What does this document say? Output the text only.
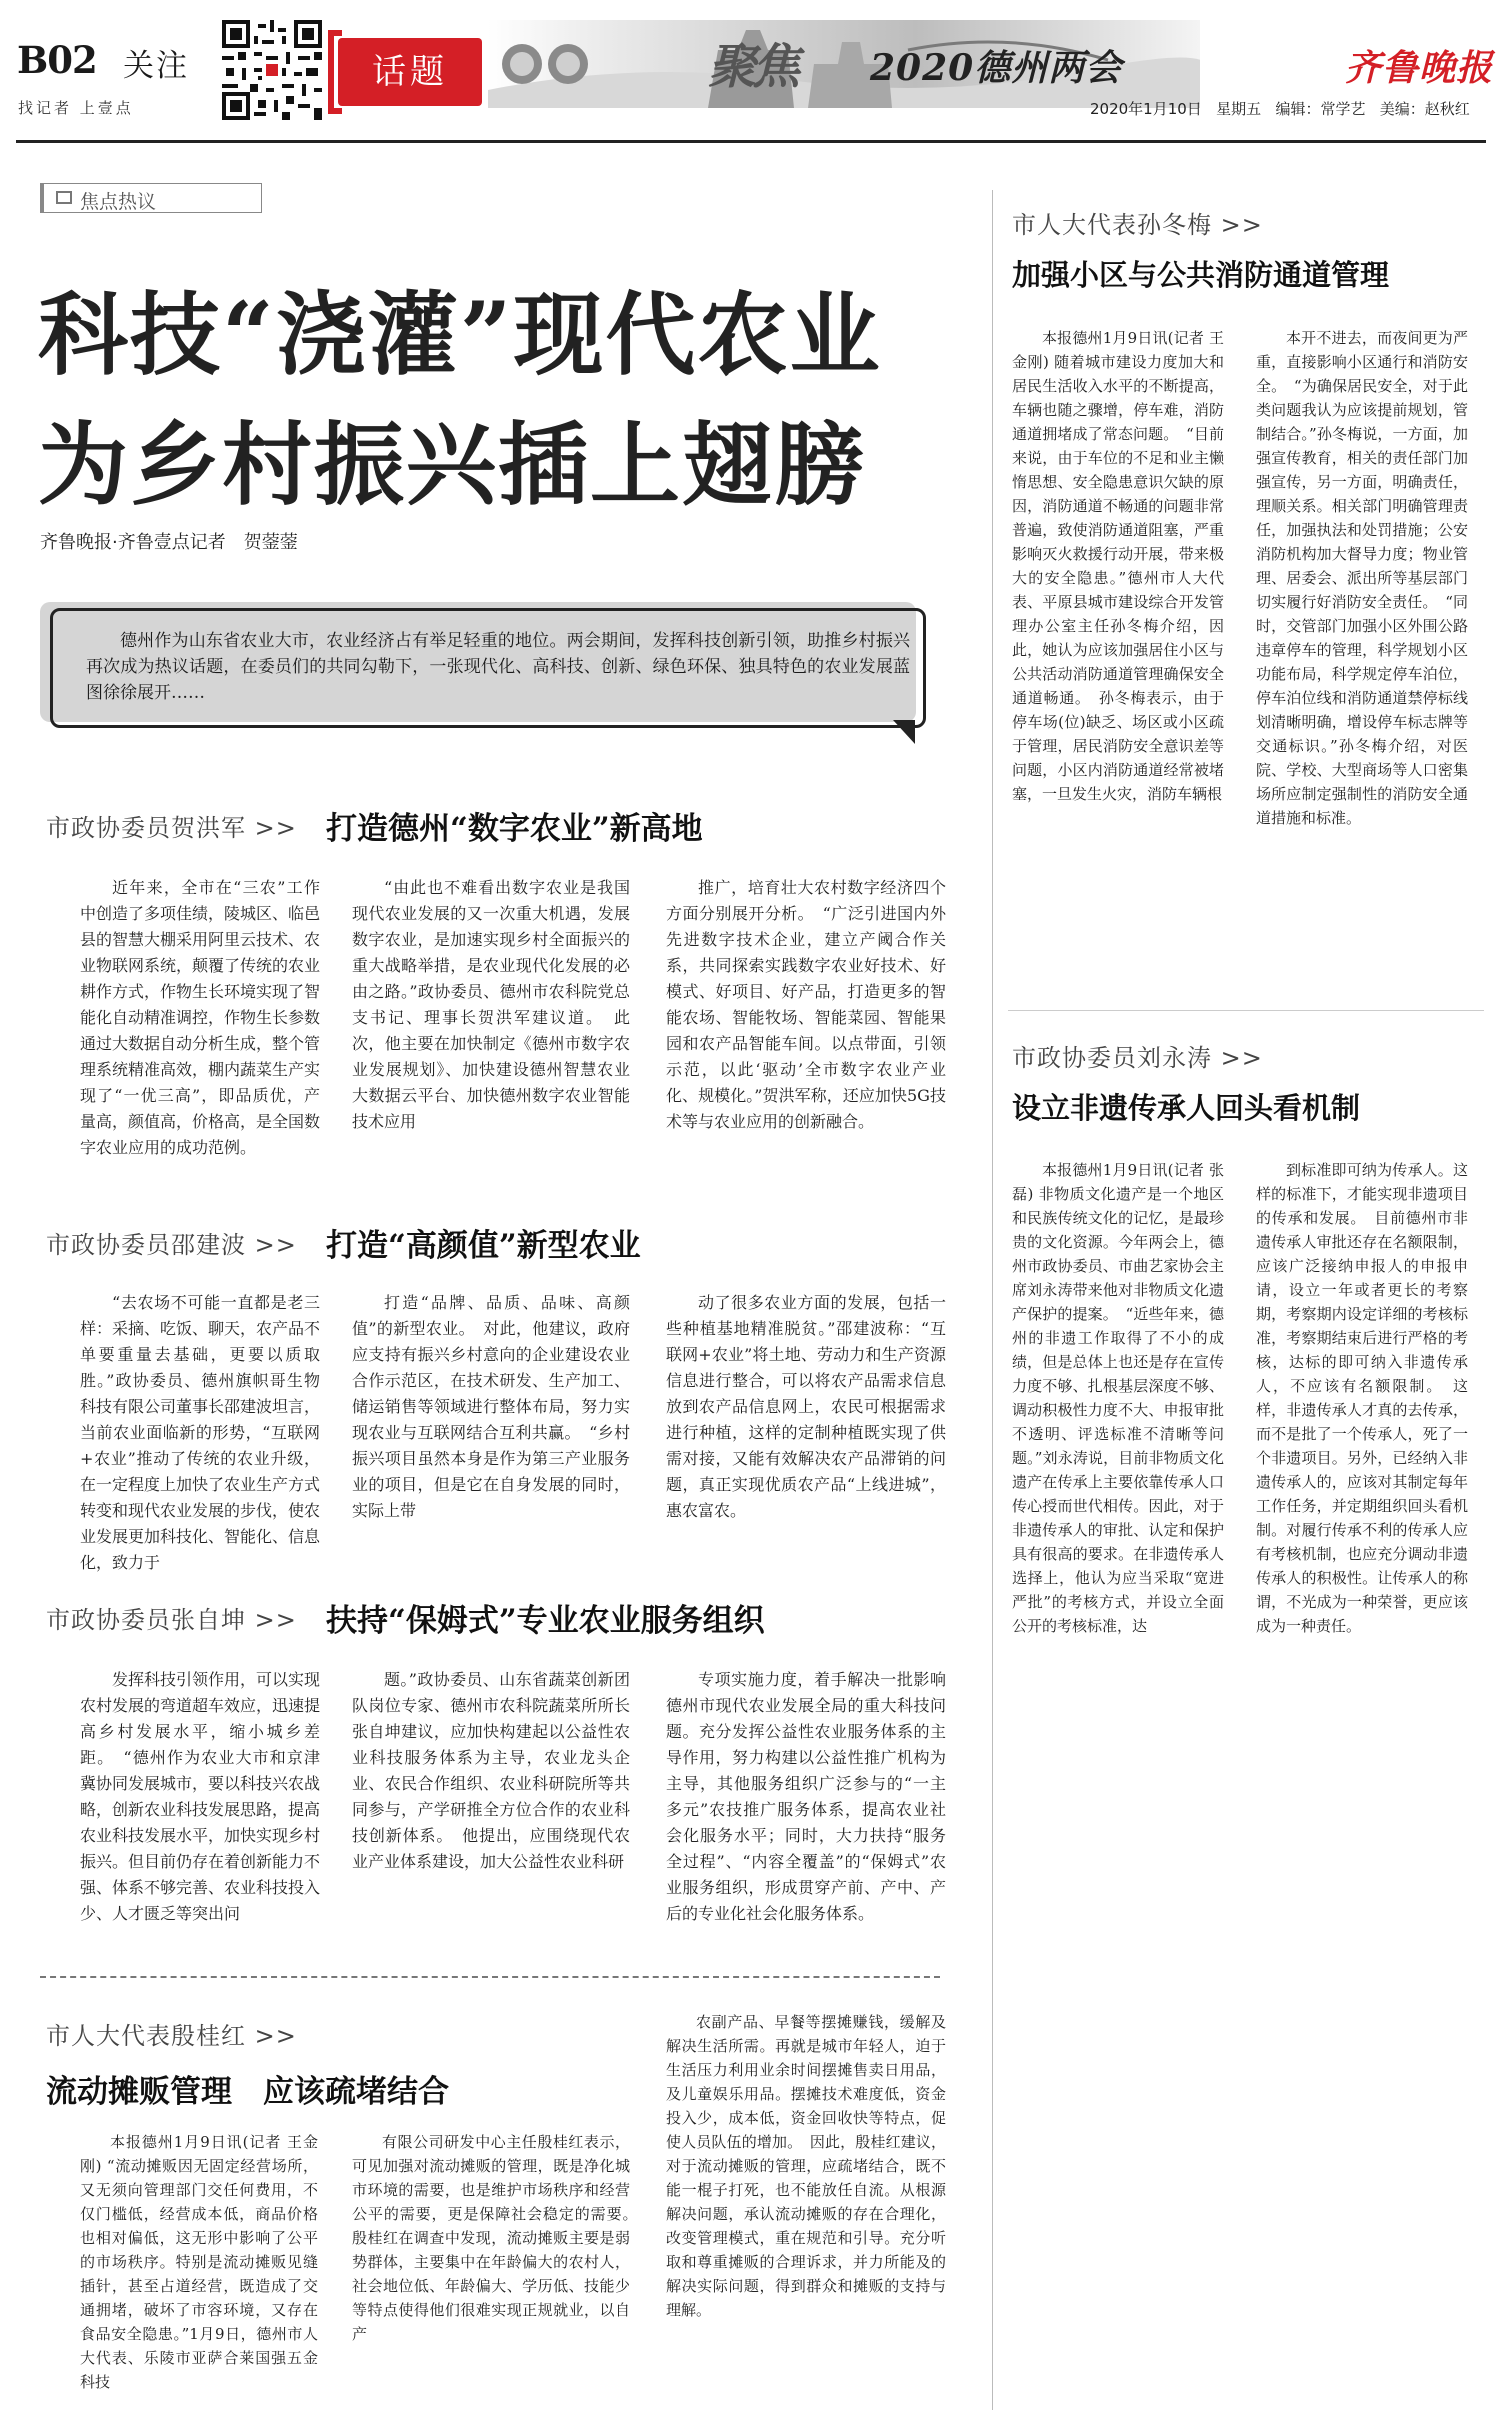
B02 关注
找记者 上壹点
话题	聚焦 2020德州两会	齐鲁晚报
2020年1月10日 星期五 编辑：常学艺 美编：赵秋红
焦点热议
科技“浇灌”现代农业
为乡村振兴插上翅膀
齐鲁晚报·齐鲁壹点记者　贺蓥蓥
德州作为山东省农业大市，农业经济占有举足轻重的地位。两会期间，发挥科技创新引领，助推乡村振兴再次成为热议话题，在委员们的共同勾勒下，一张现代化、高科技、创新、绿色环保、独具特色的农业发展蓝图徐徐展开……
市政协委员贺洪军 >> 打造德州“数字农业”新高地

近年来，全市在“三农”工作中创造了多项佳绩，陵城区、临邑县的智慧大棚采用阿里云技术、农业物联网系统，颠覆了传统的农业耕作方式，作物生长环境实现了智能化自动精准调控，作物生长参数通过大数据自动分析生成，整个管理系统精准高效，棚内蔬菜生产实现了“一优三高”，即品质优，产量高，颜值高，价格高，是全国数字农业应用的成功范例。

“由此也不难看出数字农业是我国现代农业发展的又一次重大机遇，发展数字农业，是加速实现乡村全面振兴的重大战略举措，是农业现代化发展的必由之路。”政协委员、德州市农科院党总支书记、理事长贺洪军建议道。　此次，他主要在加快制定《德州市数字农业发展规划》、加快建设德州智慧农业大数据云平台、加快德州数字农业智能技术应用

推广，培育壮大农村数字经济四个方面分别展开分析。　“广泛引进国内外先进数字技术企业，建立产阈合作关系，共同探索实践数字农业好技术、好模式、好项目、好产品，打造更多的智能农场、智能牧场、智能菜园、智能果园和农产品智能车间。以点带面，引领示范，以此‘驱动’全市数字农业产业化、规模化。”贺洪军称，还应加快5G技术等与农业应用的创新融合。

市政协委员邵建波 >> 打造“高颜值”新型农业

“去农场不可能一直都是老三样：采摘、吃饭、聊天，农产品不单要重量去基础，更要以质取胜。”政协委员、德州旗帜哥生物科技有限公司董事长邵建波坦言，当前农业面临新的形势，“互联网+农业”推动了传统的农业升级，在一定程度上加快了农业生产方式转变和现代农业发展的步伐，使农业发展更加科技化、智能化、信息化，致力于

打造“品牌、品质、品味、高颜值”的新型农业。　对此，他建议，政府应支持有振兴乡村意向的企业建设农业合作示范区，在技术研发、生产加工、储运销售等领域进行整体布局，努力实现农业与互联网结合互利共赢。　“乡村振兴项目虽然本身是作为第三产业服务业的项目，但是它在自身发展的同时，实际上带

动了很多农业方面的发展，包括一些种植基地精准脱贫。”邵建波称：“互联网+农业”将土地、劳动力和生产资源信息进行整合，可以将农产品需求信息放到农产品信息网上，农民可根据需求进行种植，这样的定制种植既实现了供需对接，又能有效解决农产品滞销的问题，真正实现优质农产品“上线进城”，惠农富农。

市政协委员张自坤 >> 扶持“保姆式”专业农业服务组织

发挥科技引领作用，可以实现农村发展的弯道超车效应，迅速提高乡村发展水平，缩小城乡差距。　“德州作为农业大市和京津冀协同发展城市，要以科技兴农战略，创新农业科技发展思路，提高农业科技发展水平，加快实现乡村振兴。但目前仍存在着创新能力不强、体系不够完善、农业科技投入少、人才匮乏等突出问

题。”政协委员、山东省蔬菜创新团队岗位专家、德州市农科院蔬菜所所长张自坤建议，应加快构建起以公益性农业科技服务体系为主导，农业龙头企业、农民合作组织、农业科研院所等共同参与，产学研推全方位合作的农业科技创新体系。　他提出，应围绕现代农业产业体系建设，加大公益性农业科研

专项实施力度，着手解决一批影响德州市现代农业发展全局的重大科技问题。充分发挥公益性农业服务体系的主导作用，努力构建以公益性推广机构为主导，其他服务组织广泛参与的“一主多元”农技推广服务体系，提高农业社会化服务水平；同时，大力扶持“服务全过程”、“内容全覆盖”的“保姆式”农业服务组织，形成贯穿产前、产中、产后的专业化社会化服务体系。

市人大代表殷桂红 >>
流动摊贩管理　应该疏堵结合

本报德州1月9日讯(记者 王金刚) “流动摊贩因无固定经营场所，又无须向管理部门交任何费用，不仅门槛低，经营成本低，商品价格也相对偏低，这无形中影响了公平的市场秩序。特别是流动摊贩见缝插针，甚至占道经营，既造成了交通拥堵，破坏了市容环境，又存在食品安全隐患。”1月9日，德州市人大代表、乐陵市亚萨合莱国强五金科技

有限公司研发中心主任殷桂红表示，可见加强对流动摊贩的管理，既是净化城市环境的需要，也是维护市场秩序和经营公平的需要，更是保障社会稳定的需要。　殷桂红在调查中发现，流动摊贩主要是弱势群体，主要集中在年龄偏大的农村人，社会地位低、年龄偏大、学历低、技能少等特点使得他们很难实现正规就业，以自产

农副产品、早餐等摆摊赚钱，缓解及解决生活所需。再就是城市年轻人，迫于生活压力利用业余时间摆摊售卖日用品，及儿童娱乐用品。摆摊技术难度低，资金投入少，成本低，资金回收快等特点，促使人员队伍的增加。　因此，殷桂红建议，对于流动摊贩的管理，应疏堵结合，既不能一棍子打死，也不能放任自流。从根源解决问题，承认流动摊贩的存在合理化，改变管理模式，重在规范和引导。充分听取和尊重摊贩的合理诉求，并力所能及的解决实际问题，得到群众和摊贩的支持与理解。

市人大代表孙冬梅 >>
加强小区与公共消防通道管理

本报德州1月9日讯(记者 王金刚) 随着城市建设力度加大和居民生活收入水平的不断提高，车辆也随之骤增，停车难，消防通道拥堵成了常态问题。　“目前来说，由于车位的不足和业主懒惰思想、安全隐患意识欠缺的原因，消防通道不畅通的问题非常普遍，致使消防通道阻塞，严重影响灭火救援行动开展，带来极大的安全隐患。”德州市人大代表、平原县城市建设综合开发管理办公室主任孙冬梅介绍，因此，她认为应该加强居住小区与公共活动消防通道管理确保安全通道畅通。　孙冬梅表示，由于停车场(位)缺乏、场区或小区疏于管理，居民消防安全意识差等问题，小区内消防通道经常被堵塞，一旦发生火灾，消防车辆根

本开不进去，而夜间更为严重，直接影响小区通行和消防安全。　“为确保居民安全，对于此类问题我认为应该提前规划，管制结合。”孙冬梅说，一方面，加强宣传教育，相关的责任部门加强宣传，另一方面，明确责任，理顺关系。相关部门明确管理责任，加强执法和处罚措施；公安消防机构加大督导力度；物业管理、居委会、派出所等基层部门切实履行好消防安全责任。　“同时，交管部门加强小区外围公路违章停车的管理，科学规划小区功能布局，科学规定停车泊位，停车泊位线和消防通道禁停标线划清晰明确，增设停车标志牌等交通标识。”孙冬梅介绍，对医院、学校、大型商场等人口密集场所应制定强制性的消防安全通道措施和标准。

市政协委员刘永涛 >>
设立非遗传承人回头看机制

本报德州1月9日讯(记者 张磊) 非物质文化遗产是一个地区和民族传统文化的记忆，是最珍贵的文化资源。今年两会上，德州市政协委员、市曲艺家协会主席刘永涛带来他对非物质文化遗产保护的提案。　“近些年来，德州的非遗工作取得了不小的成绩，但是总体上也还是存在宣传力度不够、扎根基层深度不够、调动积极性力度不大、申报审批不透明、评选标准不清晰等问题。”刘永涛说，目前非物质文化遗产在传承上主要依靠传承人口传心授而世代相传。因此，对于非遗传承人的审批、认定和保护具有很高的要求。在非遗传承人选择上，他认为应当采取“宽进严批”的考核方式，并设立全面公开的考核标准，达

到标准即可纳为传承人。这样的标准下，才能实现非遗项目的传承和发展。　目前德州市非遗传承人审批还存在名额限制，应该广泛接纳申报人的申报申请，设立一年或者更长的考察期，考察期内设定详细的考核标准，考察期结束后进行严格的考核，达标的即可纳入非遗传承人，不应该有名额限制。　这样，非遗传承人才真的去传承，而不是批了一个传承人，死了一个非遗项目。另外，已经纳入非遗传承人的，应该对其制定每年工作任务，并定期组织回头看机制。对履行传承不利的传承人应有考核机制，也应充分调动非遗传承人的积极性。让传承人的称谓，不光成为一种荣誉，更应该成为一种责任。
